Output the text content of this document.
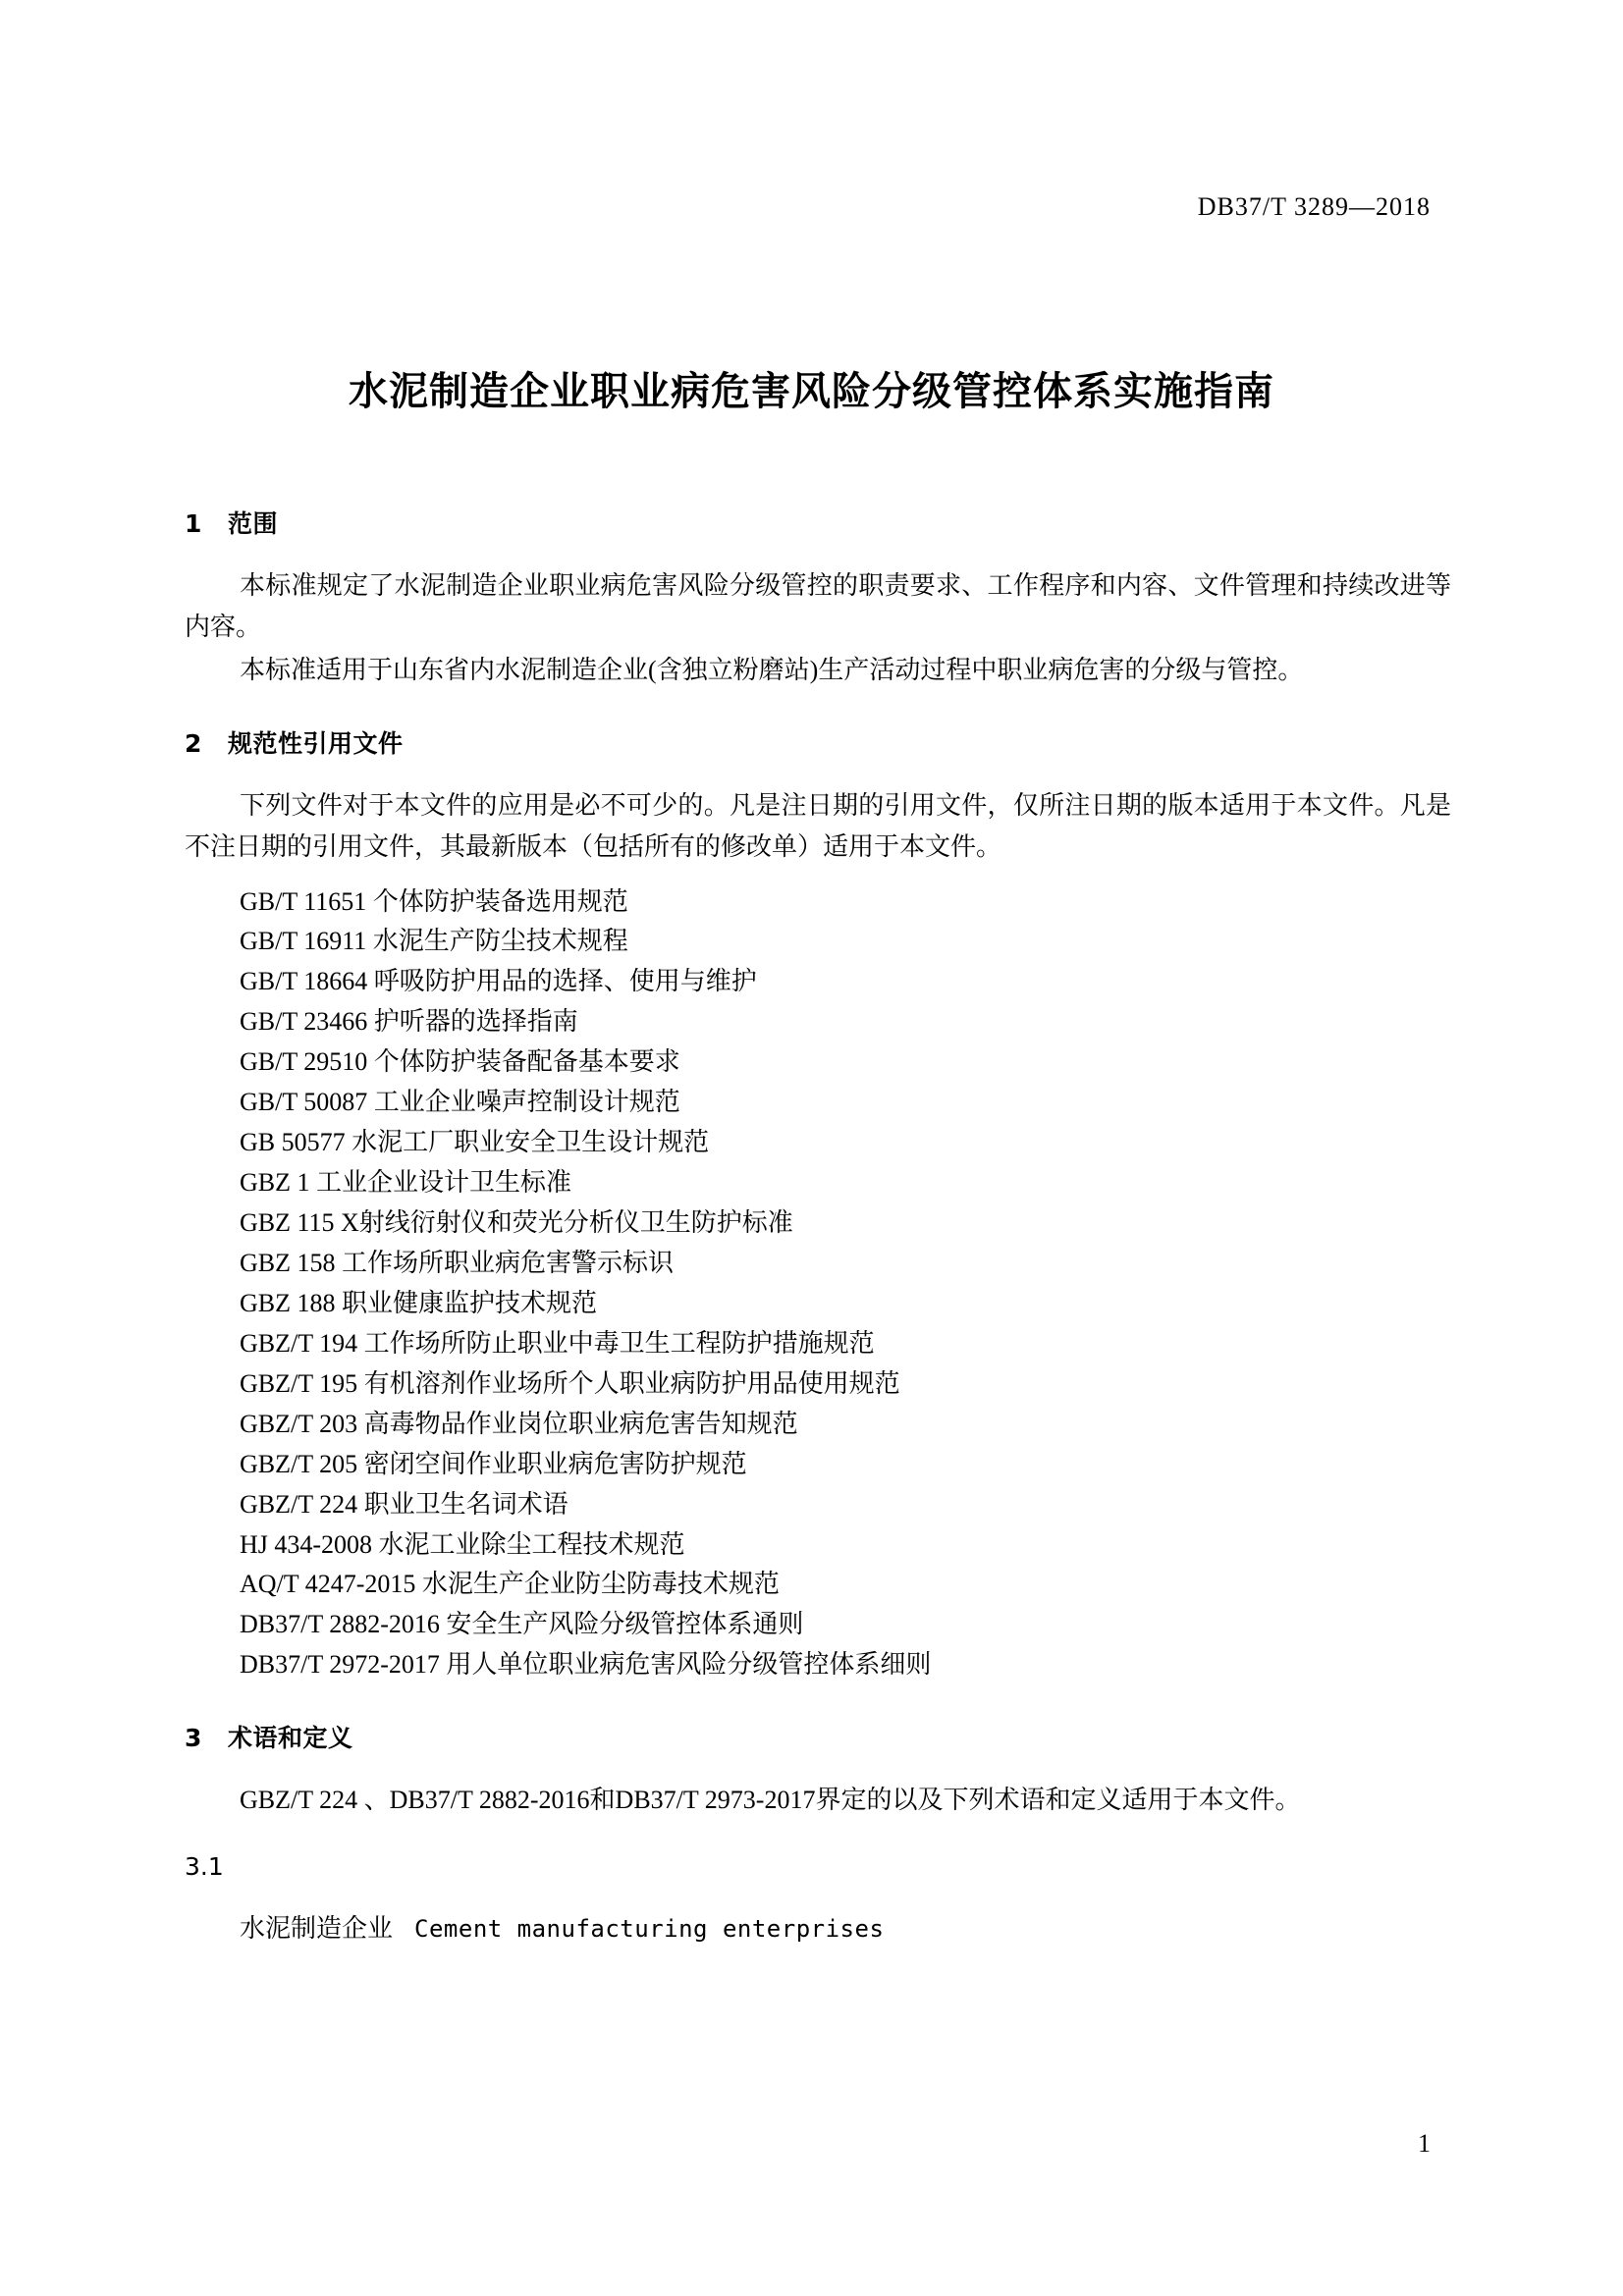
DB37/T 3289—2018
水泥制造企业职业病危害风险分级管控体系实施指南
1 范围

本标准规定了水泥制造企业职业病危害风险分级管控的职责要求、工作程序和内容、文件管理和持续改进等内容。

本标准适用于山东省内水泥制造企业(含独立粉磨站)生产活动过程中职业病危害的分级与管控。

2 规范性引用文件

下列文件对于本文件的应用是必不可少的。凡是注日期的引用文件，仅所注日期的版本适用于本文件。凡是不注日期的引用文件，其最新版本（包括所有的修改单）适用于本文件。

GB/T 11651 个体防护装备选用规范
GB/T 16911 水泥生产防尘技术规程
GB/T 18664 呼吸防护用品的选择、使用与维护
GB/T 23466 护听器的选择指南
GB/T 29510 个体防护装备配备基本要求
GB/T 50087 工业企业噪声控制设计规范
GB 50577 水泥工厂职业安全卫生设计规范
GBZ 1 工业企业设计卫生标准
GBZ 115 X射线衍射仪和荧光分析仪卫生防护标准
GBZ 158 工作场所职业病危害警示标识
GBZ 188 职业健康监护技术规范
GBZ/T 194 工作场所防止职业中毒卫生工程防护措施规范
GBZ/T 195 有机溶剂作业场所个人职业病防护用品使用规范
GBZ/T 203 高毒物品作业岗位职业病危害告知规范
GBZ/T 205 密闭空间作业职业病危害防护规范
GBZ/T 224 职业卫生名词术语
HJ 434-2008 水泥工业除尘工程技术规范
AQ/T 4247-2015 水泥生产企业防尘防毒技术规范
DB37/T 2882-2016 安全生产风险分级管控体系通则
DB37/T 2972-2017 用人单位职业病危害风险分级管控体系细则
3 术语和定义

GBZ/T 224 、DB37/T 2882-2016和DB37/T 2973-2017界定的以及下列术语和定义适用于本文件。

3.1
水泥制造企业 Cement manufacturing enterprises
1
